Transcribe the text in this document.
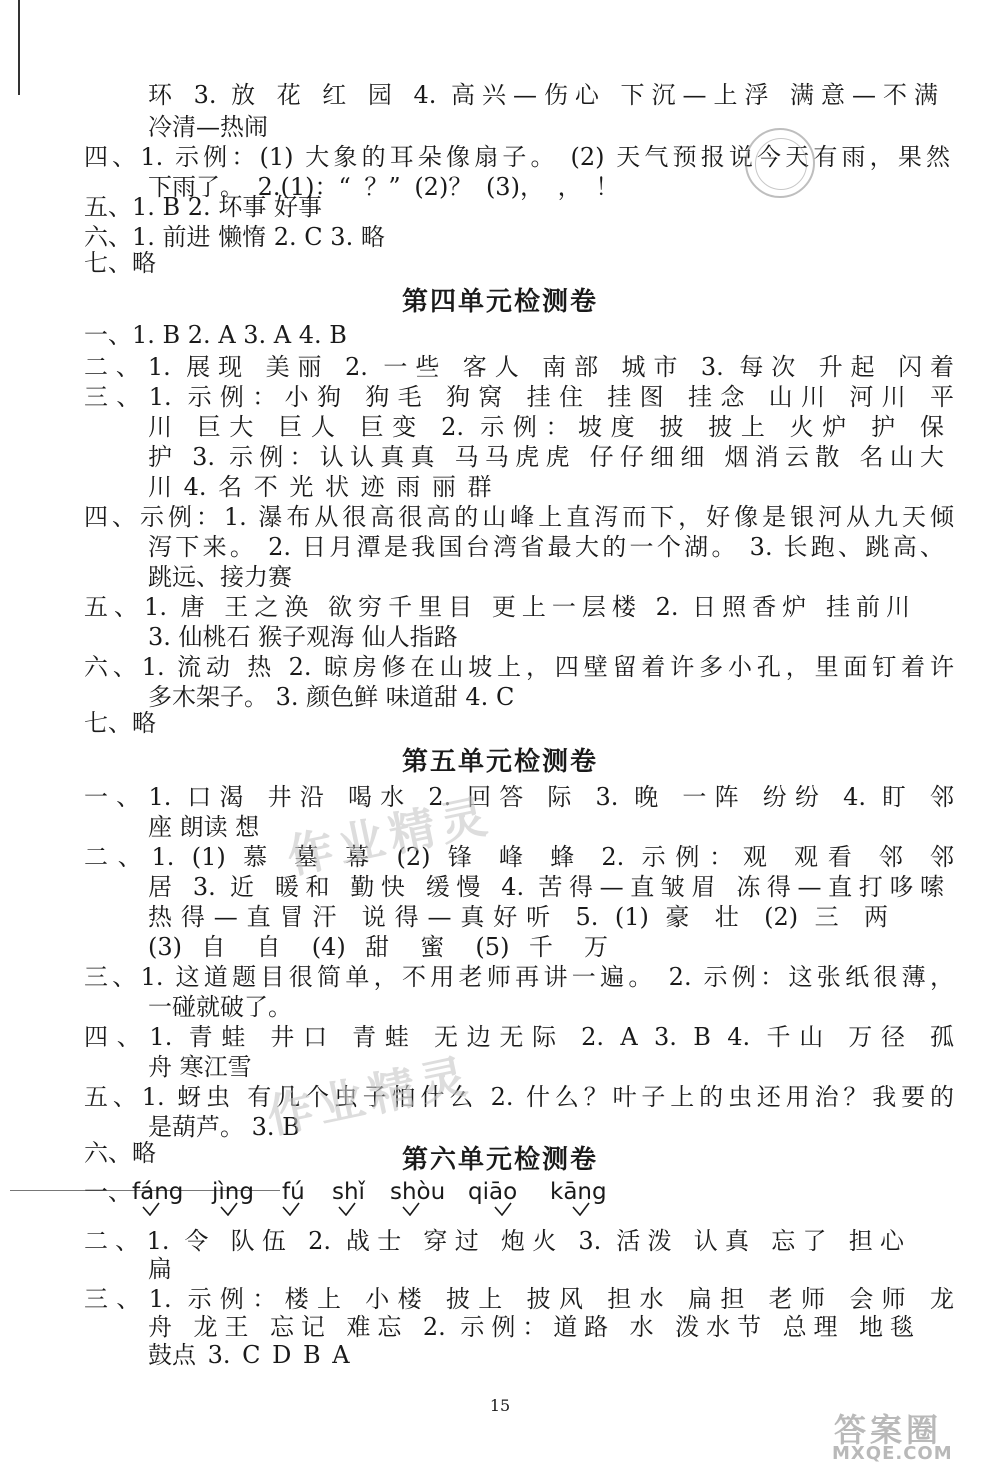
环 3. 放 花 红 园 4. 高兴—伤心 下沉—上浮 满意—不满
冷清—热闹
四、1. 示例：(1) 大象的耳朵像扇子。 (2) 天气预报说今天有雨，果然
下雨了。 2.(1)：“ ？” (2)？ (3)， ， ！
五、1. B 2. 坏事 好事
六、1. 前进 懒惰 2. C 3. 略
七、略
第四单元检测卷
一、1. B 2. A 3. A 4. B
二、1. 展现 美丽 2. 一些 客人 南部 城市 3. 每次 升起 闪着
三、1. 示例：小狗 狗毛 狗窝 挂住 挂图 挂念 山川 河川 平
川 巨大 巨人 巨变 2. 示例：坡度 披 披上 火炉 护 保
护 3. 示例：认认真真 马马虎虎 仔仔细细 烟消云散 名山大
川 4. 名 不 光 状 迹 雨 丽 群
四、示例：1. 瀑布从很高很高的山峰上直泻而下，好像是银河从九天倾
泻下来。 2. 日月潭是我国台湾省最大的一个湖。 3. 长跑、跳高、
跳远、接力赛
五、1. 唐 王之涣 欲穷千里目 更上一层楼 2. 日照香炉 挂前川
3. 仙桃石 猴子观海 仙人指路
六、1. 流动 热 2. 晾房修在山坡上，四壁留着许多小孔，里面钉着许
多木架子。 3. 颜色鲜 味道甜 4. C
七、略
第五单元检测卷
一、1. 口渴 井沿 喝水 2. 回答 际 3. 晚 一阵 纷纷 4. 盯 邻
座 朗读 想
二、1. (1) 慕 墓 幕 (2) 锋 峰 蜂 2. 示例：观 观看 邻 邻
居 3. 近 暖和 勤快 缓慢 4. 苦得—直皱眉 冻得—直打哆嗦
热得—直冒汗 说得—真好听 5. (1) 豪 壮 (2) 三 两
(3) 自 自 (4) 甜 蜜 (5) 千 万
三、1. 这道题目很简单，不用老师再讲一遍。 2. 示例：这张纸很薄，
一碰就破了。
四、1. 青蛙 井口 青蛙 无边无际 2. A 3. B 4. 千山 万径 孤
舟 寒江雪
五、1. 蚜虫 有几个虫子怕什么 2. 什么？叶子上的虫还用治？我要的
是葫芦。 3. B
六、略
作业精灵
作业精灵
第六单元检测卷
一、 fáng jìng fú shǐ shòu qiāo kāng
二、1. 令 队伍 2. 战士 穿过 炮火 3. 活泼 认真 忘了 担心
扁
三、1. 示例：楼上 小楼 披上 披风 担水 扁担 老师 会师 龙
舟 龙王 忘记 难忘 2. 示例：道路 水 泼水节 总理 地毯
鼓点 3. C D B A
15
答案圈
MXQE.COM
